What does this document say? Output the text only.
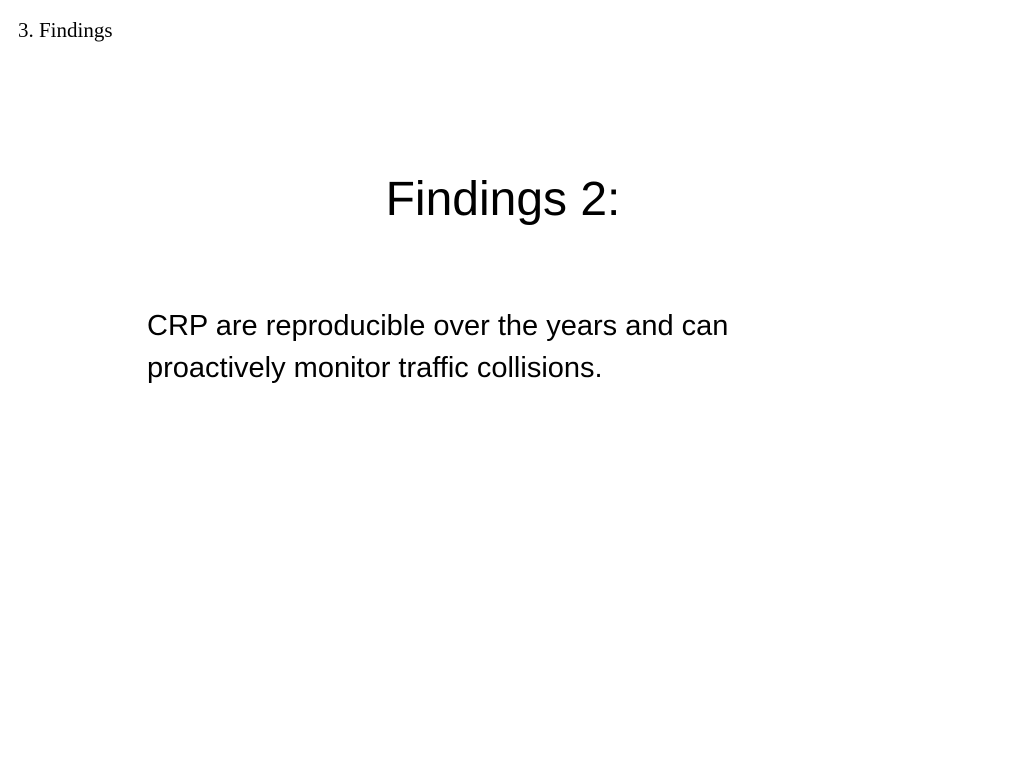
3. Findings
Findings 2:
CRP are reproducible over the years and can
proactively monitor traffic collisions.
